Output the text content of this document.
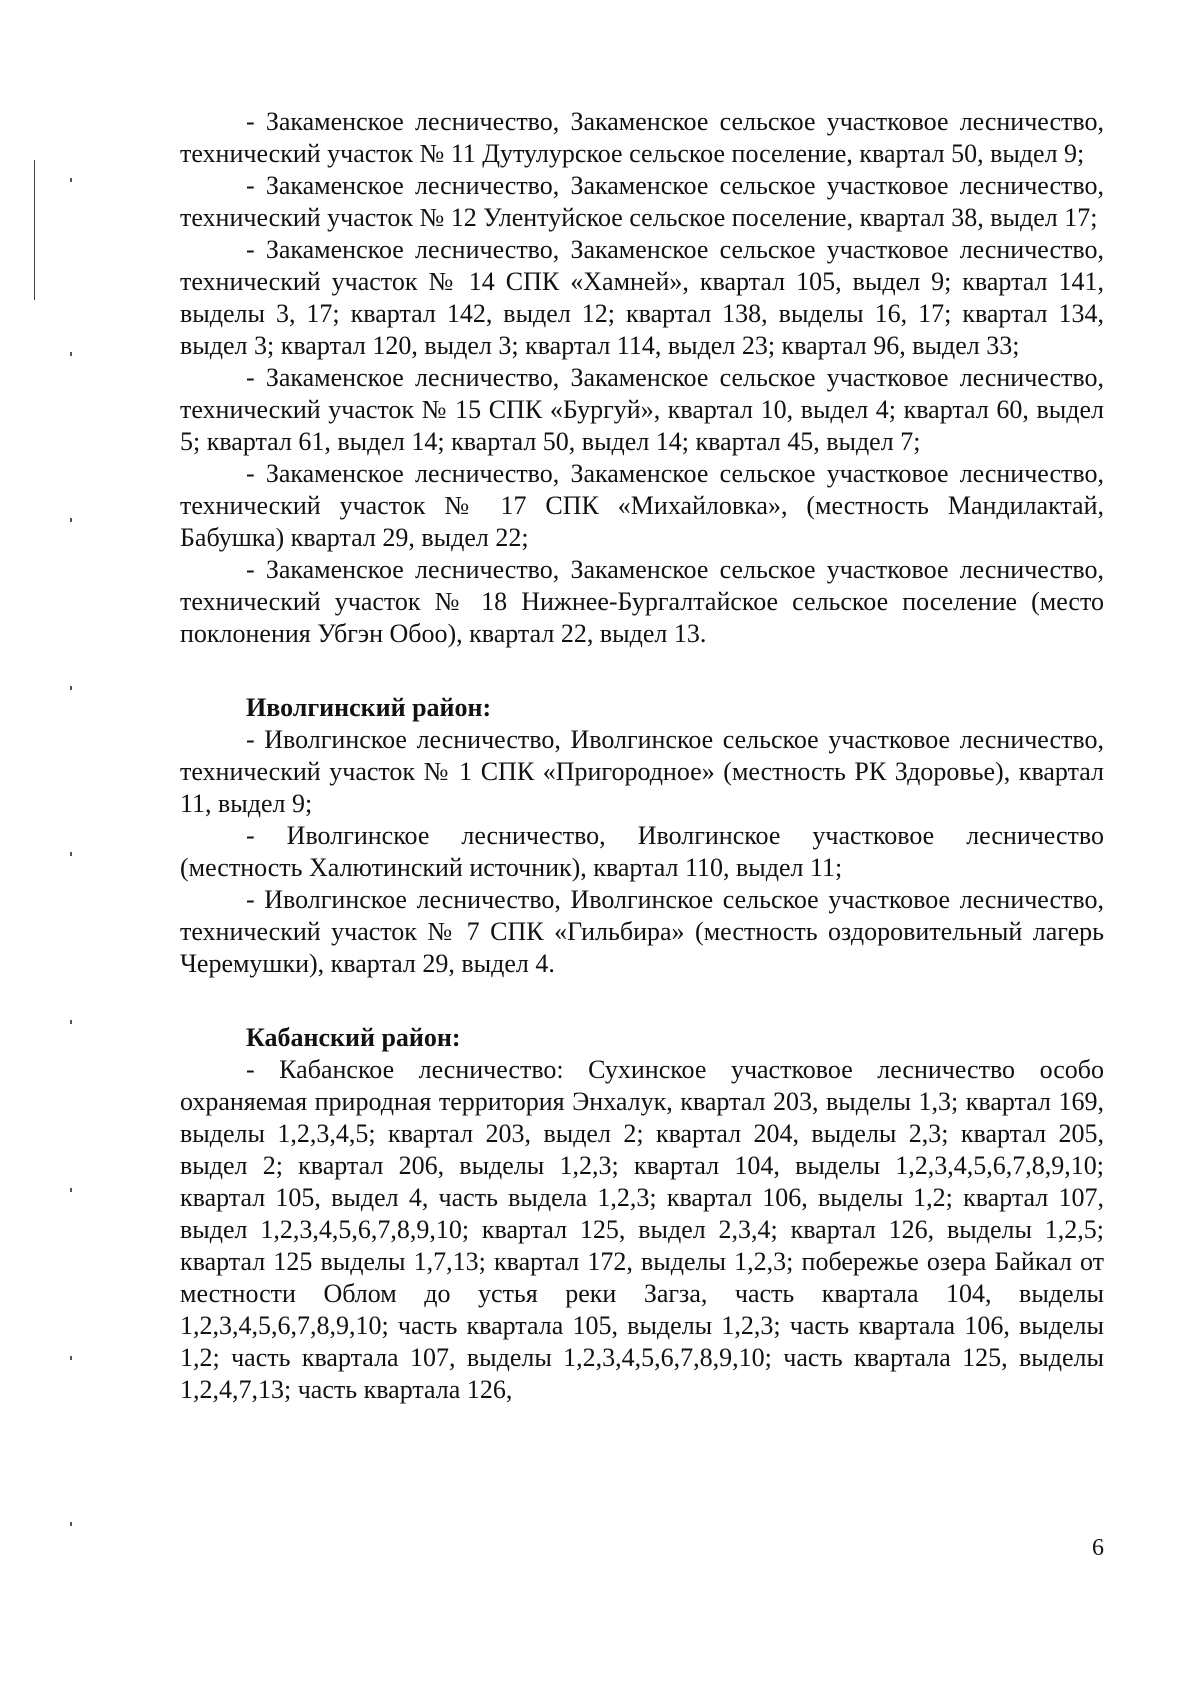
- Закаменское лесничество, Закаменское сельское участковое лесничество, технический участок № 11 Дутулурское сельское поселение, квартал 50, выдел 9;

- Закаменское лесничество, Закаменское сельское участковое лесничество, технический участок № 12 Улентуйское сельское поселение, квартал 38, выдел 17;

- Закаменское лесничество, Закаменское сельское участковое лесничество, технический участок № 14 СПК «Хамней», квартал 105, выдел 9; квартал 141, выделы 3, 17; квартал 142, выдел 12; квартал 138, выделы 16, 17; квартал 134, выдел 3; квартал 120, выдел 3; квартал 114, выдел 23; квартал 96, выдел 33;

- Закаменское лесничество, Закаменское сельское участковое лесничество, технический участок № 15 СПК «Бургуй», квартал 10, выдел 4; квартал 60, выдел 5; квартал 61, выдел 14; квартал 50, выдел 14; квартал 45, выдел 7;

- Закаменское лесничество, Закаменское сельское участковое лесничество, технический участок № 17 СПК «Михайловка», (местность Мандилактай, Бабушка) квартал 29, выдел 22;

- Закаменское лесничество, Закаменское сельское участковое лесничество, технический участок № 18 Нижнее-Бургалтайское сельское поселение (место поклонения Убгэн Обоо), квартал 22, выдел 13.

Иволгинский район:

- Иволгинское лесничество, Иволгинское сельское участковое лесничество, технический участок № 1 СПК «Пригородное» (местность РК Здоровье), квартал 11, выдел 9;

- Иволгинское лесничество, Иволгинское участковое лесничество (местность Халютинский источник), квартал 110, выдел 11;

- Иволгинское лесничество, Иволгинское сельское участковое лесничество, технический участок № 7 СПК «Гильбира» (местность оздоровительный лагерь Черемушки), квартал 29, выдел 4.

Кабанский район:

- Кабанское лесничество: Сухинское участковое лесничество особо охраняемая природная территория Энхалук, квартал 203, выделы 1,3; квартал 169, выделы 1,2,3,4,5; квартал 203, выдел 2; квартал 204, выделы 2,3; квартал 205, выдел 2; квартал 206, выделы 1,2,3; квартал 104, выделы 1,2,3,4,5,6,7,8,9,10; квартал 105, выдел 4, часть выдела 1,2,3; квартал 106, выделы 1,2; квартал 107, выдел 1,2,3,4,5,6,7,8,9,10; квартал 125, выдел 2,3,4; квартал 126, выделы 1,2,5; квартал 125 выделы 1,7,13; квартал 172, выделы 1,2,3; побережье озера Байкал от местности Облом до устья реки Загза, часть квартала 104, выделы 1,2,3,4,5,6,7,8,9,10; часть квартала 105, выделы 1,2,3; часть квартала 106, выделы 1,2; часть квартала 107, выделы 1,2,3,4,5,6,7,8,9,10; часть квартала 125, выделы 1,2,4,7,13; часть квартала 126,

6
